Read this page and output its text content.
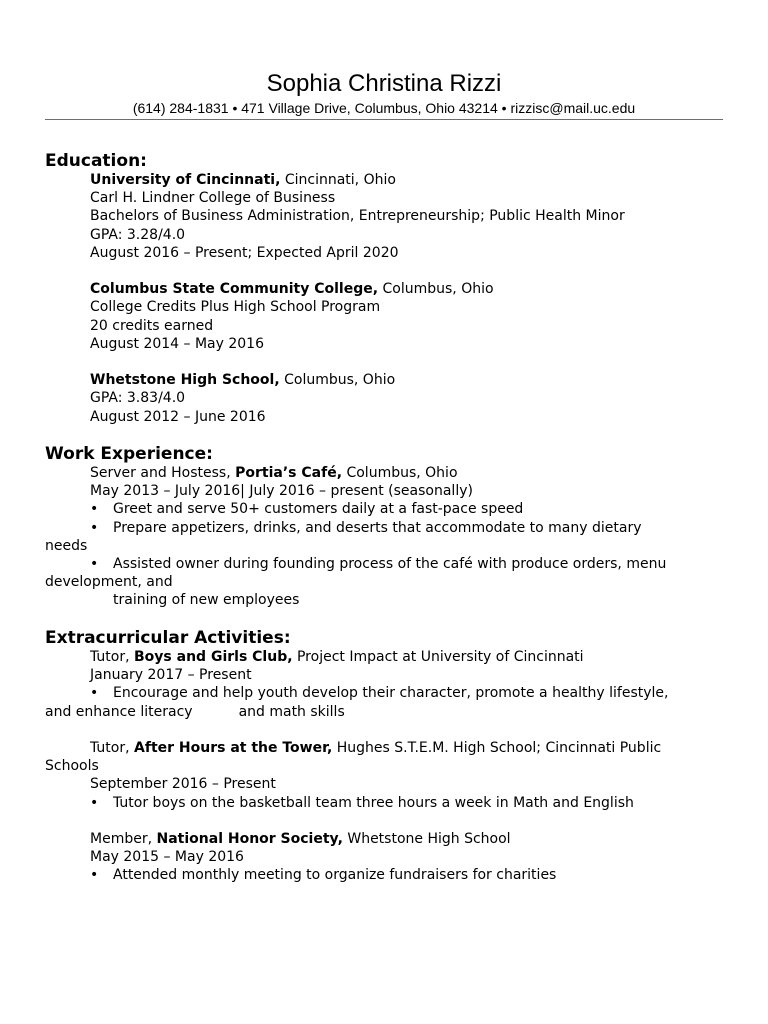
Sophia Christina Rizzi
(614) 284-1831 • 471 Village Drive, Columbus, Ohio 43214 • rizzisc@mail.uc.edu
Education:
University of Cincinnati, Cincinnati, Ohio
Carl H. Lindner College of Business
Bachelors of Business Administration, Entrepreneurship; Public Health Minor
GPA: 3.28/4.0
August 2016 – Present; Expected April 2020
Columbus State Community College, Columbus, Ohio
College Credits Plus High School Program
20 credits earned
August 2014 – May 2016
Whetstone High School, Columbus, Ohio
GPA: 3.83/4.0
August 2012 – June 2016
Work Experience:
Server and Hostess, Portia’s Café, Columbus, Ohio
May 2013 – July 2016| July 2016 – present (seasonally)
• Greet and serve 50+ customers daily at a fast-pace speed
• Prepare appetizers, drinks, and deserts that accommodate to many dietary
needs
• Assisted owner during founding process of the café with produce orders, menu
development, and
training of new employees
Extracurricular Activities:
Tutor, Boys and Girls Club, Project Impact at University of Cincinnati
January 2017 – Present
• Encourage and help youth develop their character, promote a healthy lifestyle,
and enhance literacy	and math skills
Tutor, After Hours at the Tower, Hughes S.T.E.M. High School; Cincinnati Public
Schools
September 2016 – Present
• Tutor boys on the basketball team three hours a week in Math and English
Member, National Honor Society, Whetstone High School
May 2015 – May 2016
• Attended monthly meeting to organize fundraisers for charities
